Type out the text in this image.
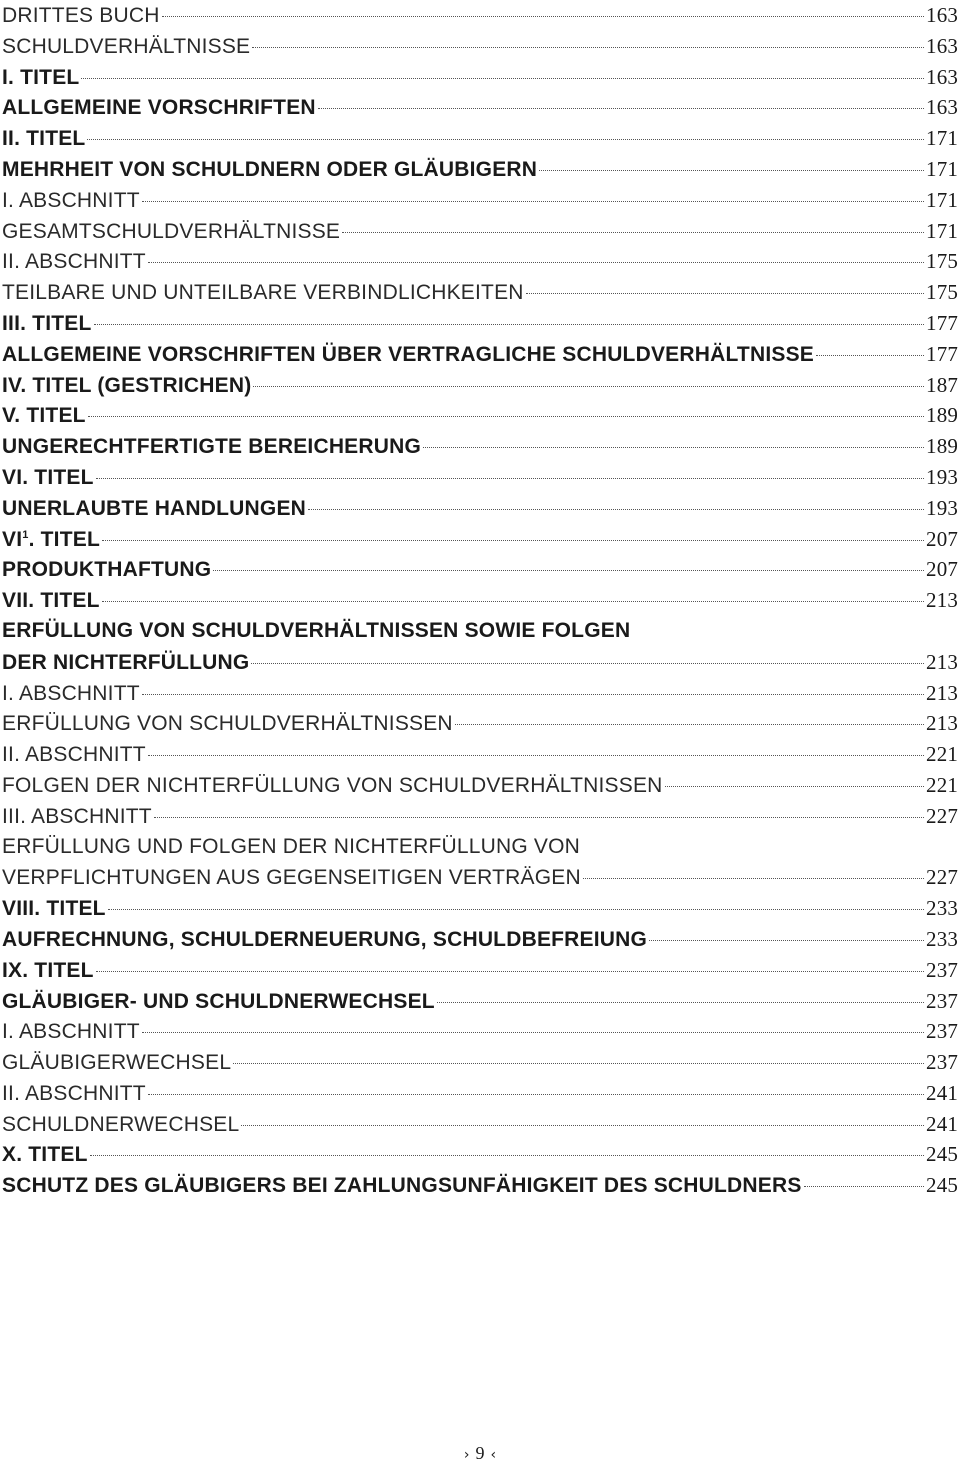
DRITTES BUCH	163
SCHULDVERHÄLTNISSE	163
I. TITEL	163
ALLGEMEINE VORSCHRIFTEN	163
II. TITEL	171
MEHRHEIT VON SCHULDNERN ODER GLÄUBIGERN	171
I. ABSCHNITT	171
GESAMTSCHULDVERHÄLTNISSE	171
II. ABSCHNITT	175
TEILBARE UND UNTEILBARE VERBINDLICHKEITEN	175
III. TITEL	177
ALLGEMEINE VORSCHRIFTEN ÜBER VERTRAGLICHE SCHULDVERHÄLTNISSE	177
IV. TITEL (GESTRICHEN)	187
V. TITEL	189
UNGERECHTFERTIGTE BEREICHERUNG	189
VI. TITEL	193
UNERLAUBTE HANDLUNGEN	193
$VI^1$. TITEL	207
PRODUKTHAFTUNG	207
VII. TITEL	213
ERFÜLLUNG VON SCHULDVERHÄLTNISSEN SOWIE FOLGEN
DER NICHTERFÜLLUNG	213
I. ABSCHNITT	213
ERFÜLLUNG VON SCHULDVERHÄLTNISSEN	213
II. ABSCHNITT	221
FOLGEN DER NICHTERFÜLLUNG VON SCHULDVERHÄLTNISSEN	221
III. ABSCHNITT	227
ERFÜLLUNG UND FOLGEN DER NICHTERFÜLLUNG VON
VERPFLICHTUNGEN AUS GEGENSEITIGEN VERTRÄGEN	227
VIII. TITEL	233
AUFRECHNUNG, SCHULDERNEUERUNG, SCHULDBEFREIUNG	233
IX. TITEL	237
GLÄUBIGER- UND SCHULDNERWECHSEL	237
I. ABSCHNITT	237
GLÄUBIGERWECHSEL	237
II. ABSCHNITT	241
SCHULDNERWECHSEL	241
X. TITEL	245
SCHUTZ DES GLÄUBIGERS BEI ZAHLUNGSUNFÄHIGKEIT DES SCHULDNERS	245
› 9 ‹
